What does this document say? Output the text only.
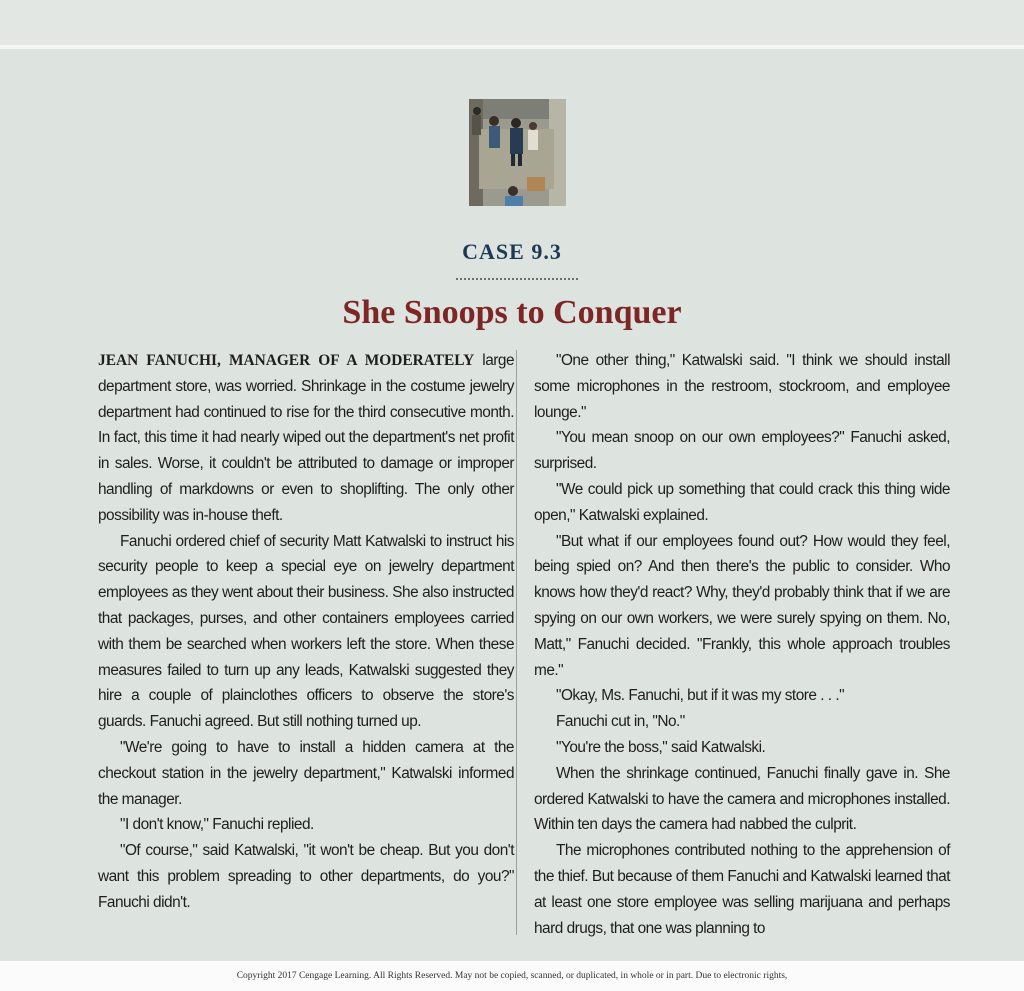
CASE 9.3
She Snoops to Conquer

JEAN FANUCHI, MANAGER OF A MODERATELY large department store, was worried. Shrinkage in the costume jewelry department had continued to rise for the third consecutive month. In fact, this time it had nearly wiped out the department's net profit in sales. Worse, it couldn't be attributed to damage or improper handling of markdowns or even to shoplifting. The only other possibility was in-house theft.

Fanuchi ordered chief of security Matt Katwalski to instruct his security people to keep a special eye on jewelry department employees as they went about their business. She also instructed that packages, purses, and other containers employees carried with them be searched when workers left the store. When these measures failed to turn up any leads, Katwalski suggested they hire a couple of plainclothes officers to observe the store's guards. Fanuchi agreed. But still nothing turned up.

"We're going to have to install a hidden camera at the checkout station in the jewelry department," Katwalski informed the manager.

"I don't know," Fanuchi replied.

"Of course," said Katwalski, "it won't be cheap. But you don't want this problem spreading to other departments, do you?" Fanuchi didn't.

"One other thing," Katwalski said. "I think we should install some microphones in the restroom, stockroom, and employee lounge."

"You mean snoop on our own employees?" Fanuchi asked, surprised.

"We could pick up something that could crack this thing wide open," Katwalski explained.

"But what if our employees found out? How would they feel, being spied on? And then there's the public to consider. Who knows how they'd react? Why, they'd probably think that if we are spying on our own workers, we were surely spying on them. No, Matt," Fanuchi decided. "Frankly, this whole approach troubles me."

"Okay, Ms. Fanuchi, but if it was my store . . ."

Fanuchi cut in, "No."

"You're the boss," said Katwalski.

When the shrinkage continued, Fanuchi finally gave in. She ordered Katwalski to have the camera and microphones installed. Within ten days the camera had nabbed the culprit.

The microphones contributed nothing to the apprehension of the thief. But because of them Fanuchi and Katwalski learned that at least one store employee was selling marijuana and perhaps hard drugs, that one was planning to

Copyright 2017 Cengage Learning. All Rights Reserved. May not be copied, scanned, or duplicated, in whole or in part. Due to electronic rights,
